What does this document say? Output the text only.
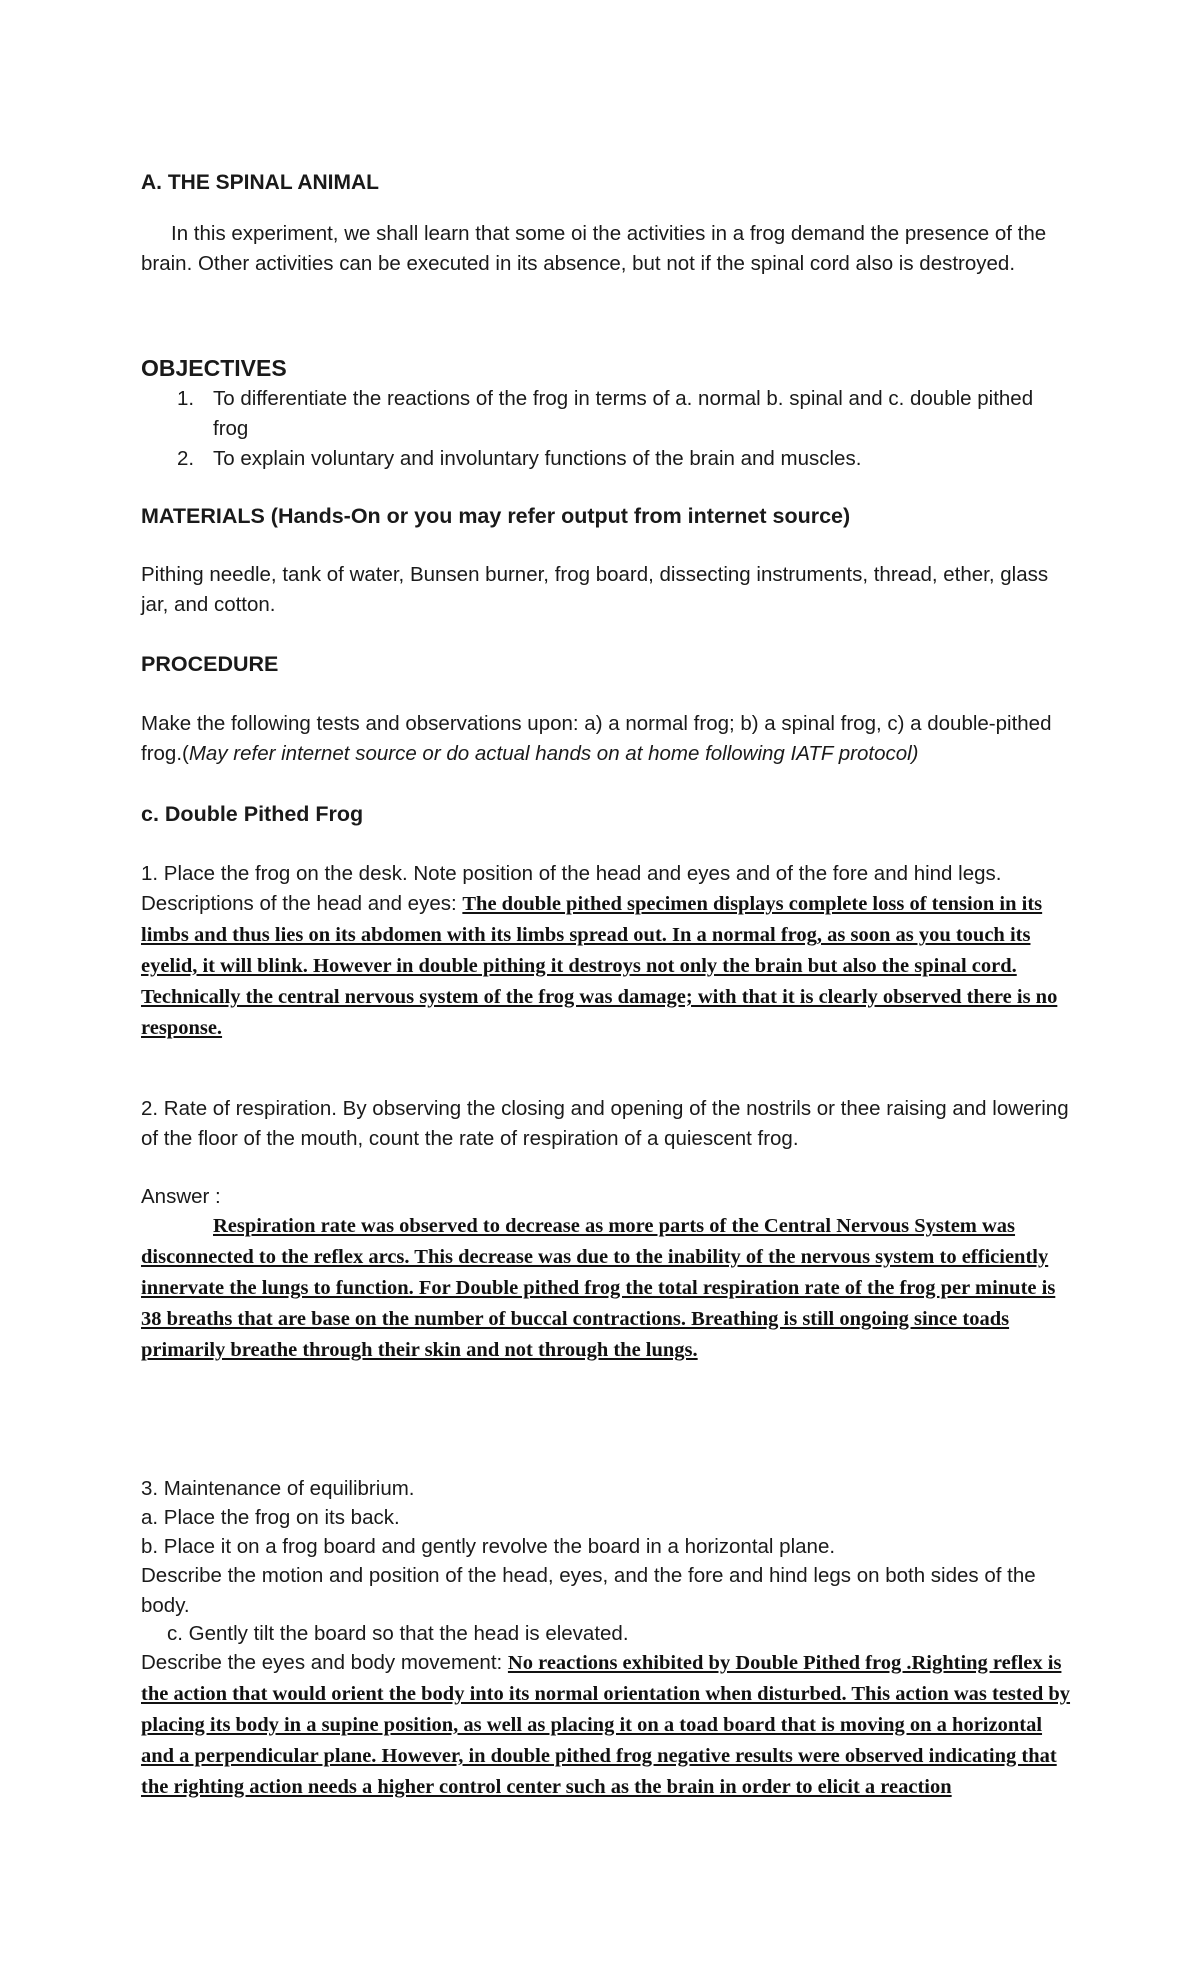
A. THE SPINAL ANIMAL

In this experiment, we shall learn that some oi the activities in a frog demand the presence of the brain. Other activities can be executed in its absence, but not if the spinal cord also is destroyed.

OBJECTIVES
1. To differentiate the reactions of the frog in terms of a. normal b. spinal and c. double pithed frog
2. To explain voluntary and involuntary functions of the brain and muscles.
MATERIALS (Hands-On or you may refer output from internet source)

Pithing needle, tank of water, Bunsen burner, frog board, dissecting instruments, thread, ether, glass jar, and cotton.

PROCEDURE

Make the following tests and observations upon: a) a normal frog; b) a spinal frog, c) a double-pithed frog.(May refer internet source or do actual hands on at home following IATF protocol)

c. Double Pithed Frog

1. Place the frog on the desk. Note position of the head and eyes and of the fore and hind legs. Descriptions of the head and eyes: The double pithed specimen displays complete loss of tension in its limbs and thus lies on its abdomen with its limbs spread out. In a normal frog, as soon as you touch its eyelid, it will blink. However in double pithing it destroys not only the brain but also the spinal cord. Technically the central nervous system of the frog was damage; with that it is clearly observed there is no response.

2. Rate of respiration. By observing the closing and opening of the nostrils or thee raising and lowering of the floor of the mouth, count the rate of respiration of a quiescent frog.

Answer :

Respiration rate was observed to decrease as more parts of the Central Nervous System was disconnected to the reflex arcs. This decrease was due to the inability of the nervous system to efficiently innervate the lungs to function. For Double pithed frog the total respiration rate of the frog per minute is 38 breaths that are base on the number of buccal contractions. Breathing is still ongoing since toads primarily breathe through their skin and not through the lungs.

3. Maintenance of equilibrium.

a. Place the frog on its back.

b. Place it on a frog board and gently revolve the board in a horizontal plane.

Describe the motion and position of the head, eyes, and the fore and hind legs on both sides of the body.

c. Gently tilt the board so that the head is elevated.

Describe the eyes and body movement: No reactions exhibited by Double Pithed frog .Righting reflex is the action that would orient the body into its normal orientation when disturbed. This action was tested by placing its body in a supine position, as well as placing it on a toad board that is moving on a horizontal and a perpendicular plane. However, in double pithed frog negative results were observed indicating that the righting action needs a higher control center such as the brain in order to elicit a reaction
